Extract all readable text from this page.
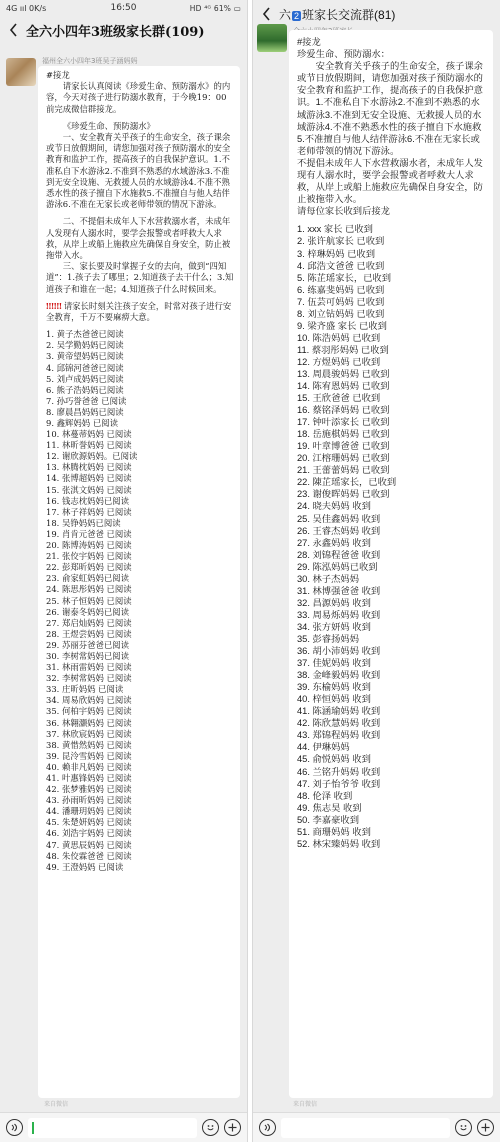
4G ııl 0K/s	16:50	HD ⁴ᴳ 61% ▭
全六小四年3班级家长群(109)
福州全六小四年3班吴子涵妈妈

#接龙

请家长认真阅读《珍爱生命、预防溺水》的内容，今天对孩子进行防溺水教育，于今晚19：00前完成微信群接龙。

《珍爱生命、预防溺水》

一、安全教育关乎孩子的生命安全，孩子课余或节日放假期间，请您加强对孩子预防溺水的安全教育和监护工作，提高孩子的自我保护意识。1.不准私自下水游泳2.不准到不熟悉的水域游泳3.不准到无安全设施、无救援人员的水域游泳4.不准不熟悉水性的孩子擅自下水施救5.不准擅自与他人结伴游泳6.不准在无家长或老师带领的情况下游泳。

二、不提倡未成年人下水营救溺水者，未成年人发现有人溺水时，要学会报警或者呼救大人求救，从岸上或船上施救应先确保自身安全，防止被拖带入水。

三、家长要及时掌握子女的去向，做到“四知道”：1.孩子去了哪里；2.知道孩子去干什么；3.知道孩子和谁在一起；4.知道孩子什么时候回来。

‼‼‼ 请家长时刻关注孩子安全，时常对孩子进行安全教育，千万不要麻痹大意。

1. 黄子杰爸爸已阅读
2. 吴学勤妈妈已阅读
3. 黄帝望妈妈已阅读
4. 邱锦河爸爸已阅读
5. 刘卢成妈妈已阅读
6. 熊子浩妈妈已阅读
7. 孙巧誉爸爸 已阅读
8. 廖晨昌妈妈已阅读
9. 鑫辉妈妈 已阅读
10. 林蔓蒂妈妈 已阅读
11. 林昕誉妈妈 已阅读
12. 谢欣源妈妈。已阅读
13. 林腾枕妈妈 已阅读
14. 张博超妈妈 已阅读
15. 张淇文妈妈 已阅读
16. 钱志枕妈妈已阅读
17. 林子祥妈妈 已阅读
18. 吴铮妈妈已阅读
19. 肖肯元爸爸 已阅读
20. 陈博涛妈妈 已阅读
21. 张佼宇妈妈 已阅读
22. 彭郑昕妈妈 已阅读
23. 俞家虹妈妈已阅读
24. 陈思彤妈妈 已阅读
25. 林子恒妈妈 已阅读
26. 谢泰冬妈妈已阅读
27. 郑启灿妈妈 已阅读
28. 王煜尝妈妈 已阅读
29. 苏丽芬爸爸已阅读
30. 李树常妈妈已阅读
31. 林雨雷妈妈 已阅读
32. 李树常妈妈 已阅读
33. 庄昕妈妈 已阅读
34. 周易欣妈妈 已阅读
35. 何柏宇妈妈 已阅读
36. 林翱灏妈妈 已阅读
37. 林欣宸妈妈 已阅读
38. 黄惜然妈妈 已阅读
39. 昆泠雪妈妈 已阅读
40. 赖非凡妈妈 已阅读
41. 叶惠锋妈妈 已阅读
42. 张梦雅妈妈 已阅读
43. 孙雨昕妈妈 已阅读
44. 潘珊玥妈妈 已阅读
45. 朱楚妍妈妈 已阅读
46. 刘浩宇妈妈 已阅读
47. 黄思辰妈妈 已阅读
48. 朱佼霖爸爸 已阅读
49. 王澄妈妈 已阅读
来自微信
六 2 班家长交流群(81)

#接龙

珍爱生命、预防溺水：

安全教育关乎孩子的生命安全，孩子课余或节日放假期间，请您加强对孩子预防溺水的安全教育和监护工作，提高孩子的自我保护意识。1.不准私自下水游泳2.不准到不熟悉的水域游泳3.不准到无安全设施、无救援人员的水域游泳4.不准不熟悉水性的孩子擅自下水施救5.不准擅自与他人结伴游泳6.不准在无家长或老师带领的情况下游泳。

不提倡未成年人下水营救溺水者，未成年人发现有人溺水时，要学会报警或者呼救大人求救，从岸上或船上施救应先确保自身安全，防止被拖带入水。

请每位家长收到后接龙

1. xxx 家长 已收到
2. 张许航家长 已收到
3. 梓琳妈妈 已收到
4. 邱浩文爸爸 已收到
5. 陈芷瑶家长，已收到
6. 练嘉斐妈妈 已收到
7. 伍芸可妈妈 已收到
8. 刘立钻妈妈 已收到
9. 梁齐盛 家长 已收到
10. 陈浩妈妈 已收到
11. 蔡羽彤妈妈 已收到
12. 方煜妈妈 已收到
13. 周晨骏妈妈 已收到
14. 陈宥恩妈妈 已收到
15. 王欣爸爸 已收到
16. 蔡铭泽妈妈 已收到
17. 钟叶添家长 已收到
18. 岳施棋妈妈 已收到
19. 叶章博爸爸 已收到
20. 江榕珊妈妈 已收到
21. 王蕾蕾妈妈 已收到
22. 陳芷瑶家长，已收到
23. 谢俊晖妈妈 已收到
24. 晓夫妈妈 收到
25. 吴佳鑫妈妈 收到
26. 王睿杰妈妈 收到
27. 永鑫妈妈 收到
28. 刘锦程爸爸 收到
29. 陈泓妈妈已收到
30. 林子杰妈妈
31. 林博强爸爸 收到
32. 昌源妈妈 收到
33. 周易烁妈妈 收到
34. 张方妍妈 收到
35. 彭睿扬妈妈
36. 胡小沛妈妈 收到
37. 佳妮妈妈 收到
38. 金峰毅妈妈 收到
39. 东榆妈妈 收到
40. 梓恒妈妈 收到
41. 陈涵瑜妈妈 收到
42. 陈欣慧妈妈 收到
43. 郑锦程妈妈 收到
44. 伊琳妈妈
45. 俞悦妈妈 收到
46. 兰铭升妈妈 收到
47. 刘子怡爷爷 收到
48. 伦泽 收到
49. 焦志昊 收到
50. 李嘉豪收到
51. 商珊妈妈 收到
52. 林宋臻妈妈 收到
来自微信
